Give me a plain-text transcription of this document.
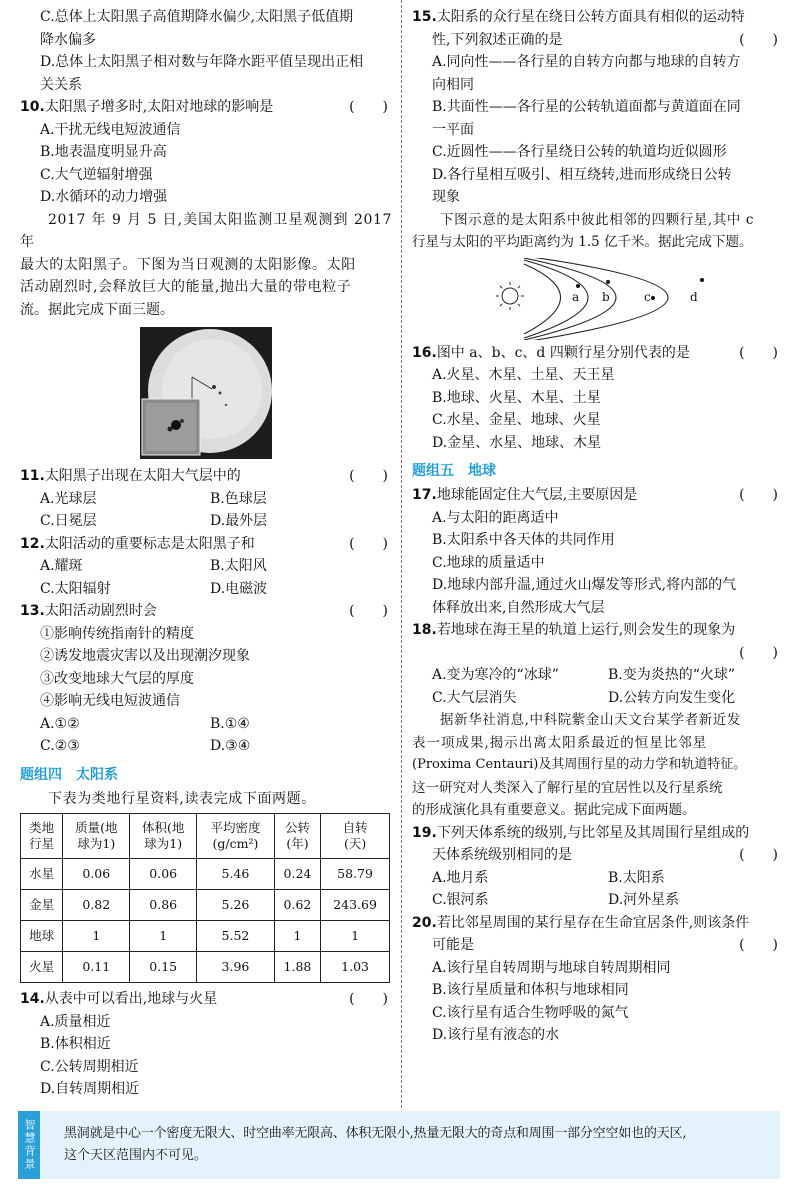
C.总体上太阳黑子高值期降水偏少,太阳黑子低值期
降水偏多
D.总体上太阳黑子相对数与年降水距平值呈现出正相
关关系
10.太阳黑子增多时,太阳对地球的影响是	(　　)
A.干扰无线电短波通信
B.地表温度明显升高
C.大气逆辐射增强
D.水循环的动力增强
2017 年 9 月 5 日,美国太阳监测卫星观测到 2017 年
最大的太阳黑子。下图为当日观测的太阳影像。太阳
活动剧烈时,会释放巨大的能量,抛出大量的带电粒子
流。据此完成下面三题。
11.太阳黑子出现在太阳大气层中的	(　　)
A.光球层	B.色球层
C.日冕层	D.最外层
12.太阳活动的重要标志是太阳黑子和	(　　)
A.耀斑	B.太阳风
C.太阳辐射	D.电磁波
13.太阳活动剧烈时会	(　　)
①影响传统指南针的精度
②诱发地震灾害以及出现潮汐现象
③改变地球大气层的厚度
④影响无线电短波通信
A.①②	B.①④
C.②③	D.③④
题组四 太阳系
下表为类地行星资料,读表完成下面两题。
类地
行星	质量(地
球为1)	体积(地
球为1)	平均密度
(g/cm²)	公转
(年)	自转
(天)
水星	0.06	0.06	5.46	0.24	58.79
金星	0.82	0.86	5.26	0.62	243.69
地球	1	1	5.52	1	1
火星	0.11	0.15	3.96	1.88	1.03
14.从表中可以看出,地球与火星	(　　)
A.质量相近
B.体积相近
C.公转周期相近
D.自转周期相近
15.太阳系的众行星在绕日公转方面具有相似的运动特
性,下列叙述正确的是	(　　)
A.同向性——各行星的自转方向都与地球的自转方
向相同
B.共面性——各行星的公转轨道面都与黄道面在同
一平面
C.近圆性——各行星绕日公转的轨道均近似圆形
D.各行星相互吸引、相互绕转,进而形成绕日公转
现象
下图示意的是太阳系中彼此相邻的四颗行星,其中 c
行星与太阳的平均距离约为 1.5 亿千米。据此完成下题。
a b	c	d
16.图中 a、b、c、d 四颗行星分别代表的是	(　　)
A.火星、木星、土星、天王星
B.地球、火星、木星、土星
C.水星、金星、地球、火星
D.金星、水星、地球、木星
题组五 地球
17.地球能固定住大气层,主要原因是	(　　)
A.与太阳的距离适中
B.太阳系中各天体的共同作用
C.地球的质量适中
D.地球内部升温,通过火山爆发等形式,将内部的气
体释放出来,自然形成大气层
18.若地球在海王星的轨道上运行,则会发生的现象为
(　　)
A.变为寒冷的“冰球”	B.变为炎热的“火球”
C.大气层消失	D.公转方向发生变化
据新华社消息,中科院紫金山天文台某学者新近发
表一项成果,揭示出离太阳系最近的恒星比邻星
(Proxima Centauri)及其周围行星的动力学和轨道特征。
这一研究对人类深入了解行星的宜居性以及行星系统
的形成演化具有重要意义。据此完成下面两题。
19.下列天体系统的级别,与比邻星及其周围行星组成的
天体系统级别相同的是	(　　)
A.地月系	B.太阳系
C.银河系	D.河外星系
20.若比邻星周围的某行星存在生命宜居条件,则该条件
可能是	(　　)
A.该行星自转周期与地球自转周期相同
B.该行星质量和体积与地球相同
C.该行星有适合生物呼吸的氮气
D.该行星有液态的水
智慧背景	黑洞就是中心一个密度无限大、时空曲率无限高、体积无限小,热量无限大的奇点和周围一部分空空如也的天区,
这个天区范围内不可见。
